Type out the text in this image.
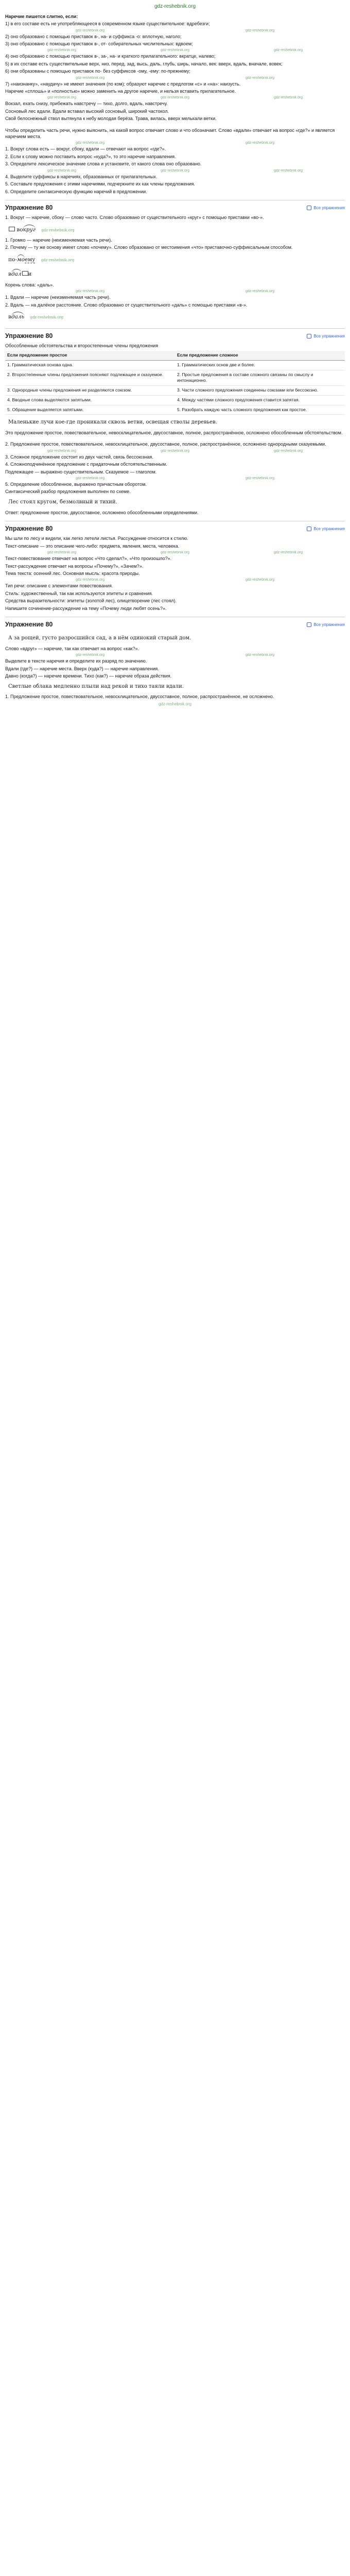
gdz-reshebnik.org

Наречие пишется слитно, если:

1) в его составе есть не употребляющееся в современном языке существительное: вдребезги;

gdz-reshebnik.org	gdz-reshebnik.org

2) оно образовано с помощью приставок в-, на- и суффикса -о: вплотную, наголо;

3) оно образовано с помощью приставок в-, от- собирательных числительных: вдвоем;

gdz-reshebnik.org	gdz-reshebnik.org	gdz-reshebnik.org

4) оно образовано с помощью приставок в-, за-, на- и краткого прилагательного: вкратце, налево;

5) в их составе есть существительные верх, низ, перед, зад, высь, даль, глубь, ширь, начало, век: вверх, вдаль, вначале, вовек;

6) они образованы с помощью приставок по- без суффиксов -ому, -ему: по-прежнему;

gdz-reshebnik.org	gdz-reshebnik.org

7) «наизнанку», «наудачу» не имеют значения (по ком); образуют наречие с предлогом «с» и «на»: наизусть.

Наречие «сплошь» и «полностью» можно заменить на другое наречие, и нельзя вставить прилагательное.

gdz-reshebnik.org	gdz-reshebnik.org	gdz-reshebnik.org

Вокзал, ехать снизу, прибежать навстречу — тихо, долго, вдаль, навстречу.

Сосновый лес вдали. Вдали вставал высокий сосновый, широкий частокол.

Свой белоснежный ствол вытянула к небу молодая берёза. Трава, вилась, вверх мелькали ветки.

Чтобы определить часть речи, нужно выяснить, на какой вопрос отвечает слово и что обозначает. Слово «вдали» отвечает на вопрос «где?» и является наречием места.

gdz-reshebnik.org	gdz-reshebnik.org

1. Вокруг слова есть — вокруг, сбоку, вдали — отвечают на вопрос «где?».

2. Если к слову можно поставить вопрос «куда?», то это наречие направления.

3. Определите лексическое значение слова и установите, от какого слова оно образовано.

gdz-reshebnik.org	gdz-reshebnik.org	gdz-reshebnik.org

4. Выделите суффиксы в наречиях, образованных от прилагательных.

5. Составьте предложения с этими наречиями, подчеркните их как члены предложения.

6. Определите синтаксическую функцию наречий в предложении.

Упражнение 80	Все упражнения

1. Вокруг — наречие, сбоку — слово часто. Слово образовано от существительного «круг» с помощью приставки «во-».

вокруг gdz-reshebnik.org

1. Громко — наречие (неизменяемая часть речи).

2. Почему — ту же основу имеет слово «почему». Слово образовано от местоимения «что» приставочно-суффиксальным способом.

по-моему gdz-reshebnik.org
вдал и

Корень слова: «даль».

gdz-reshebnik.org	gdz-reshebnik.org

1. Вдали — наречие (неизменяемая часть речи).

2. Вдаль — на далёкое расстояние. Слово образовано от существительного «даль» с помощью приставки «в-».

вдаль gdz-reshebnik.org
Упражнение 80	Все упражнения

Обособленные обстоятельства и второстепенные члены предложения

Если предложение простое	Если предложение сложное
1. Грамматическая основа одна.	1. Грамматических основ две и более.
2. Второстепенные члены предложения поясняют подлежащее и сказуемое.	2. Простые предложения в составе сложного связаны по смыслу и интонационно.
3. Однородные члены предложения не разделяются союзом.	3. Части сложного предложения соединены союзами или бессоюзно.
4. Вводные слова выделяются запятыми.	4. Между частями сложного предложения ставится запятая.
5. Обращение выделяется запятыми.	5. Разобрать каждую часть сложного предложения как простое.
Маленькие лучи кое-где проникали сквозь ветви, освещая стволы деревьев.

Это предложение простое, повествовательное, невосклицательное, двусоставное, полное, распространённое, осложнено обособленным обстоятельством.

2. Предложение простое, повествовательное, невосклицательное, двусоставное, полное, распространённое, осложнено однородными сказуемыми.

gdz-reshebnik.org	gdz-reshebnik.org	gdz-reshebnik.org

3. Сложное предложение состоит из двух частей, связь бессоюзная.

4. Сложноподчинённое предложение с придаточным обстоятельственным.

Подлежащее — выражено существительным. Сказуемое — глаголом.

gdz-reshebnik.org	gdz-reshebnik.org

5. Определение обособленное, выражено причастным оборотом.

Синтаксический разбор предложения выполнен по схеме.

Лес стоял кругом, безмолвный и тихий.

Ответ: предложение простое, двусоставное, осложнено обособленными определениями.

Упражнение 80	Все упражнения

Мы шли по лесу и видели, как легко летели листья. Рассуждение относится к стилю.

Текст-описание — это описание чего-либо: предмета, явления, места, человека.

gdz-reshebnik.org	gdz-reshebnik.org	gdz-reshebnik.org

Текст-повествование отвечает на вопрос «Что сделал?», «Что произошло?».

Текст-рассуждение отвечает на вопросы «Почему?», «Зачем?».

Тема текста: осенний лес. Основная мысль: красота природы.

gdz-reshebnik.org	gdz-reshebnik.org

Тип речи: описание с элементами повествования.

Стиль: художественный, так как используются эпитеты и сравнения.

Средства выразительности: эпитеты (золотой лес), олицетворение (лес стоял).

Напишите сочинение-рассуждение на тему «Почему люди любят осень?».

Упражнение 80	Все упражнения
А за рощей, густо разросшийся сад, а в нём одинокий старый дом.

Слово «вдруг» — наречие, так как отвечает на вопрос «как?».

gdz-reshebnik.org	gdz-reshebnik.org

Выделите в тексте наречия и определите их разряд по значению.

Вдали (где?) — наречие места. Вверх (куда?) — наречие направления.

Давно (когда?) — наречие времени. Тихо (как?) — наречие образа действия.

Светлые облака медленно плыли над рекой и тихо таяли вдали.

1. Предложение простое, повествовательное, невосклицательное, двусоставное, полное, распространённое, не осложнено.

gdz-reshebnik.org
